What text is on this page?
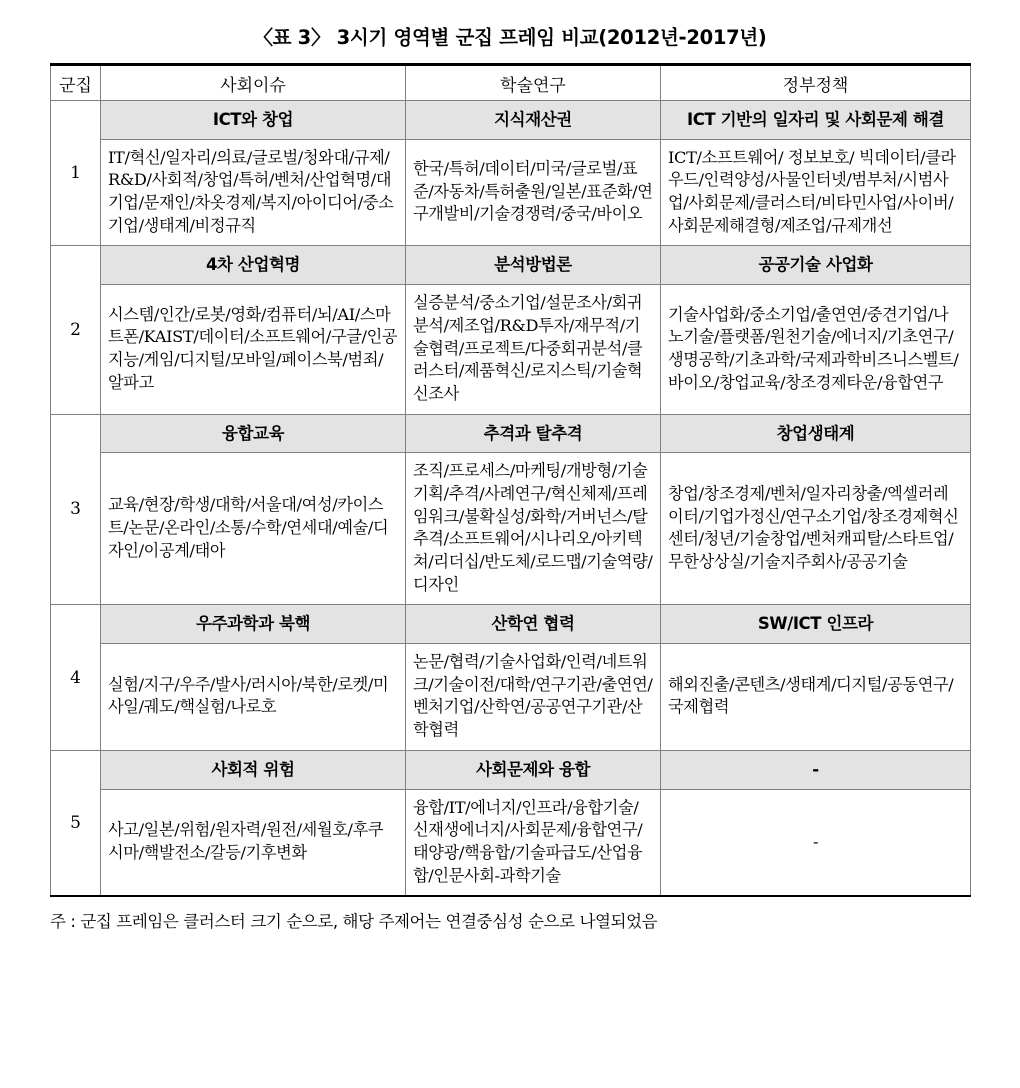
〈표 3〉 3시기 영역별 군집 프레임 비교(2012년-2017년)
군집	사회이슈	학술연구	정부정책
1	ICT와 창업	지식재산권	ICT 기반의 일자리 및 사회문제 해결
	IT/혁신/일자리/의료/글로벌/청와대/규제/R&D/사회적/창업/특허/벤처/산업혁명/대기업/문재인/차옷경제/복지/아이디어/중소기업/생태계/비정규직	한국/특허/데이터/미국/글로벌/표준/자동차/특허출원/일본/표준화/연구개발비/기술경쟁력/중국/바이오	ICT/소프트웨어/ 정보보호/ 빅데이터/클라우드/인력양성/사물인터넷/범부처/시범사업/사회문제/클러스터/비타민사업/사이버/사회문제해결형/제조업/규제개선
2	4차 산업혁명	분석방법론	공공기술 사업화
	시스템/인간/로봇/영화/컴퓨터/뇌/AI/스마트폰/KAIST/데이터/소프트웨어/구글/인공지능/게임/디지털/모바일/페이스북/범죄/알파고	실증분석/중소기업/설문조사/회귀분석/제조업/R&D투자/재무적/기술협력/프로젝트/다중회귀분석/클러스터/제품혁신/로지스틱/기술혁신조사	기술사업화/중소기업/출연연/중견기업/나노기술/플랫폼/원천기술/에너지/기초연구/생명공학/기초과학/국제과학비즈니스벨트/바이오/창업교육/창조경제타운/융합연구
3	융합교육	추격과 탈추격	창업생태계
	교육/현장/학생/대학/서울대/여성/카이스트/논문/온라인/소통/수학/연세대/예술/디자인/이공계/태아	조직/프로세스/마케팅/개방형/기술기획/추격/사례연구/혁신체제/프레임워크/불확실성/화학/거버넌스/탈추격/소프트웨어/시나리오/아키텍쳐/리더십/반도체/로드맵/기술역량/디자인	창업/창조경제/벤처/일자리창출/엑셀러레이터/기업가정신/연구소기업/창조경제혁신센터/청년/기술창업/벤처캐피탈/스타트업/무한상상실/기술지주회사/공공기술
4	우주과학과 북핵	산학연 협력	SW/ICT 인프라
	실험/지구/우주/발사/러시아/북한/로켓/미사일/궤도/핵실험/나로호	논문/협력/기술사업화/인력/네트워크/기술이전/대학/연구기관/출연연/벤처기업/산학연/공공연구기관/산학협력	해외진출/콘텐츠/생태계/디지털/공동연구/국제협력
5	사회적 위험	사회문제와 융합	-
	사고/일본/위험/원자력/원전/세월호/후쿠시마/핵발전소/갈등/기후변화	융합/IT/에너지/인프라/융합기술/신재생에너지/사회문제/융합연구/태양광/핵융합/기술파급도/산업융합/인문사회-과학기술	-
주 : 군집 프레임은 클러스터 크기 순으로, 해당 주제어는 연결중심성 순으로 나열되었음
